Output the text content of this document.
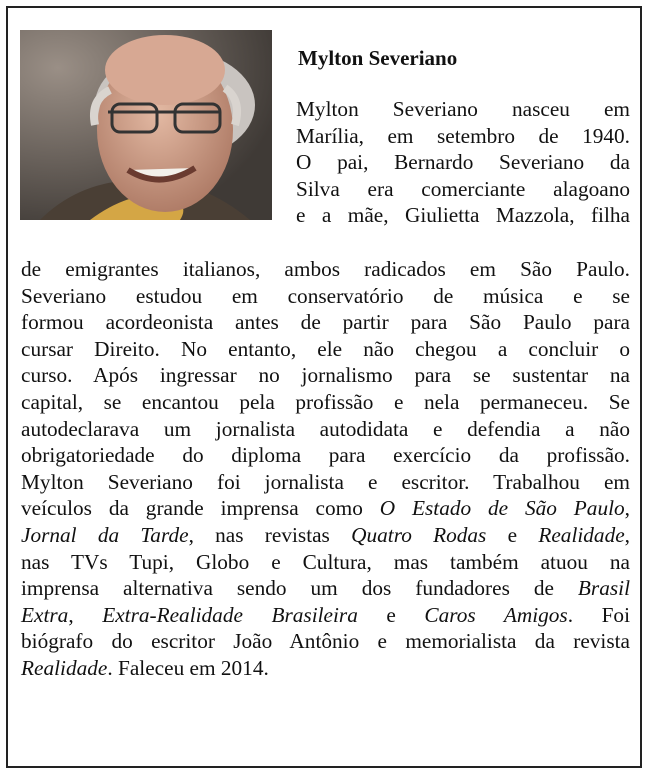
Mylton Severiano
Mylton Severiano nasceu em
Marília, em setembro de 1940.
O pai, Bernardo Severiano da
Silva era comerciante alagoano
e a mãe, Giulietta Mazzola, filha
de emigrantes italianos, ambos radicados em São Paulo.
Severiano estudou em conservatório de música e se
formou acordeonista antes de partir para São Paulo para
cursar Direito. No entanto, ele não chegou a concluir o
curso. Após ingressar no jornalismo para se sustentar na
capital, se encantou pela profissão e nela permaneceu. Se
autodeclarava um jornalista autodidata e defendia a não
obrigatoriedade do diploma para exercício da profissão.
Mylton Severiano foi jornalista e escritor. Trabalhou em
veículos da grande imprensa como O Estado de São Paulo,
Jornal da Tarde, nas revistas Quatro Rodas e Realidade,
nas TVs Tupi, Globo e Cultura, mas também atuou na
imprensa alternativa sendo um dos fundadores de Brasil
Extra, Extra-Realidade Brasileira e Caros Amigos. Foi
biógrafo do escritor João Antônio e memorialista da revista
Realidade. Faleceu em 2014.
